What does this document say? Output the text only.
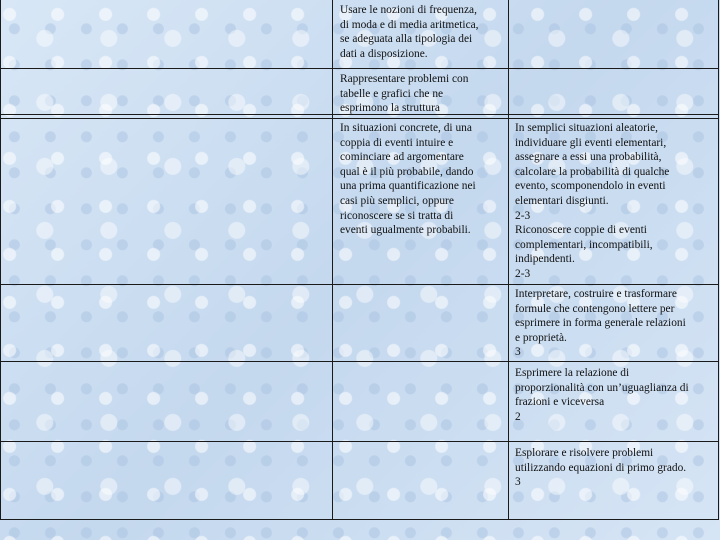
Usare le nozioni di frequenza,
di moda e di media aritmetica,
se adeguata alla tipologia dei
dati a disposizione.

Rappresentare problemi con
tabelle e grafici che ne
esprimono la struttura

In situazioni concrete, di una
coppia di eventi intuire e
cominciare ad argomentare
qual è il più probabile, dando
una prima quantificazione nei
casi più semplici, oppure
riconoscere se si tratta di
eventi ugualmente probabili.

In semplici situazioni aleatorie,
individuare gli eventi elementari,
assegnare a essi una probabilità,
calcolare la probabilità di qualche
evento, scomponendolo in eventi
elementari disgiunti.
2-3
Riconoscere coppie di eventi
complementari, incompatibili,
indipendenti.
2-3

Interpretare, costruire e trasformare
formule che contengono lettere per
esprimere in forma generale relazioni
e proprietà.
3

Esprimere la relazione di
proporzionalità con un’uguaglianza di
frazioni e viceversa
2

Esplorare e risolvere problemi
utilizzando equazioni di primo grado.
3
